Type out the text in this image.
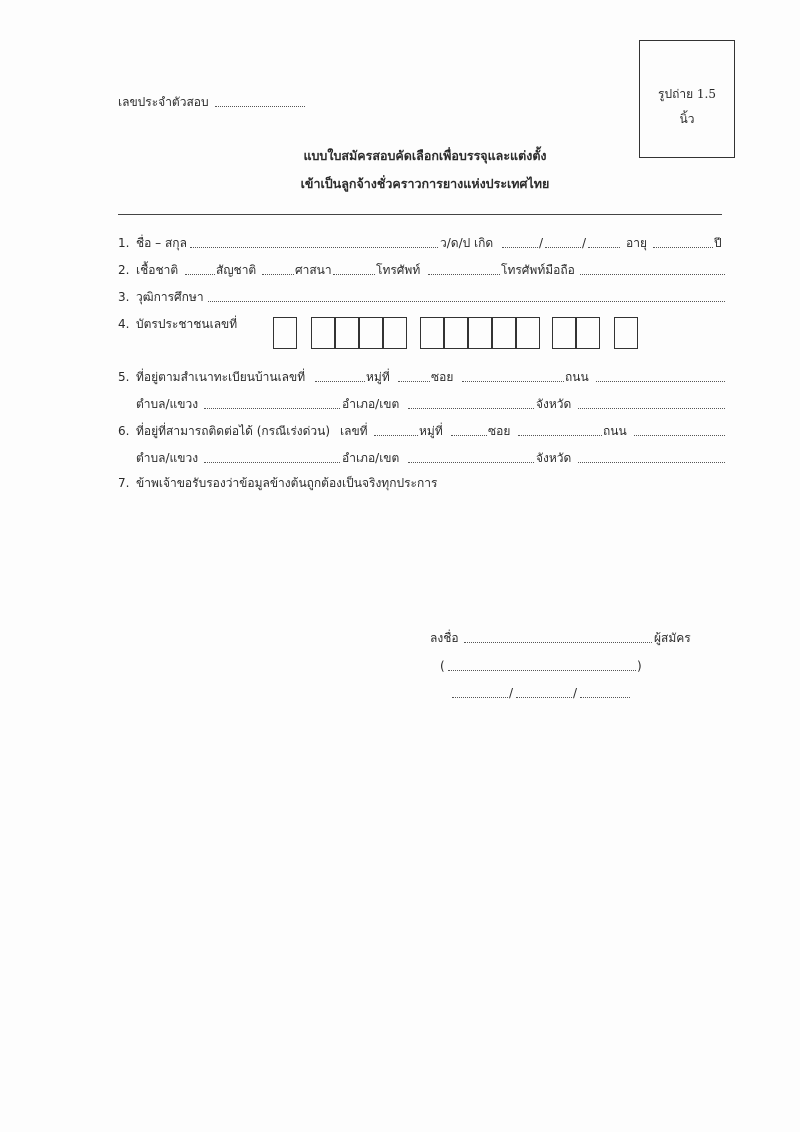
เลขประจำตัวสอบ
รูปถ่าย 1.5
นิ้ว
แบบใบสมัครสอบคัดเลือกเพื่อบรรจุและแต่งตั้ง
เข้าเป็นลูกจ้างชั่วคราวการยางแห่งประเทศไทย
1. ชื่อ – สกุล	ว/ด/ป เกิด	/	/	อายุ	ปี
2. เชื้อชาติ	สัญชาติ	ศาสนา	โทรศัพท์	โทรศัพท์มือถือ
3. วุฒิการศึกษา
4. บัตรประชาชนเลขที่
5. ที่อยู่ตามสำเนาทะเบียนบ้านเลขที่	หมู่ที่	ซอย	ถนน
ตำบล/แขวง	อำเภอ/เขต	จังหวัด
6. ที่อยู่ที่สามารถติดต่อได้ (กรณีเร่งด่วน) เลขที่	หมู่ที่	ซอย	ถนน
ตำบล/แขวง	อำเภอ/เขต	จังหวัด
7. ข้าพเจ้าขอรับรองว่าข้อมูลข้างต้นถูกต้องเป็นจริงทุกประการ
ลงชื่อ	ผู้สมัคร
(	)
/	/
